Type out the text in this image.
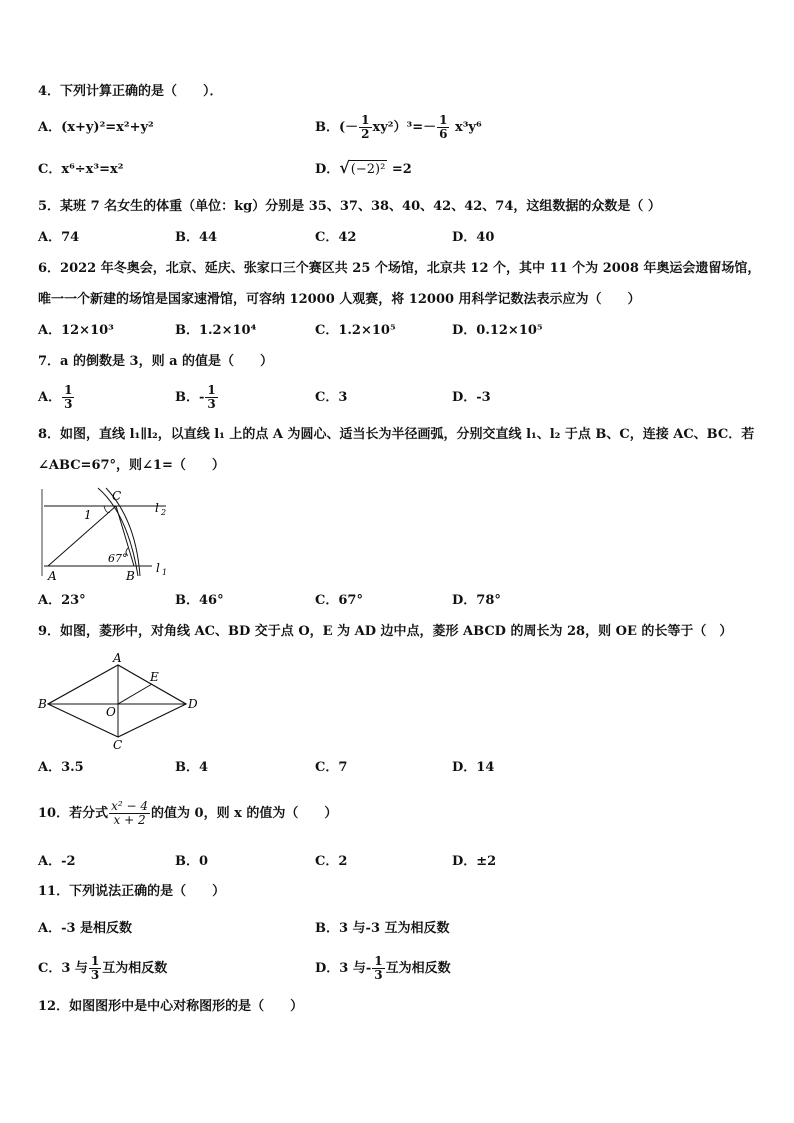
4．下列计算正确的是（　　）．
A．(x+y)²=x²+y²	B．(－ $\frac{1}{2} xy^2)^3=- \frac{1}{6} x^3y^6$
C．x⁶÷x³=x²	D．√(−2)² =2
5．某班 7 名女生的体重（单位：kg）分别是 35、37、38、40、42、42、74，这组数据的众数是（ ）
A．74	B．44	C．42	D．40
6．2022 年冬奥会，北京、延庆、张家口三个赛区共 25 个场馆，北京共 12 个，其中 11 个为 2008 年奥运会遗留场馆，
唯一一个新建的场馆是国家速滑馆，可容纳 12000 人观赛，将 12000 用科学记数法表示应为（　　）
A．12×10³	B．1.2×10⁴	C．1.2×10⁵	D．0.12×10⁵
7．a 的倒数是 3，则 a 的值是（　　）
A． $\frac{1}{3}$	B．- $\frac{1}{3}$	C．3	D．-3
8．如图，直线 l₁∥l₂，以直线 l₁ 上的点 A 为圆心、适当长为半径画弧，分别交直线 l₁、l₂ 于点 B、C，连接 AC、BC．若
∠ABC=67°，则∠1=（　　）
C
l 2
1
67°
A	B
l 1
A．23°	B．46°	C．67°	D．78°
9．如图，菱形中，对角线 AC、BD 交于点 O，E 为 AD 边中点，菱形 ABCD 的周长为 28，则 OE 的长等于（　）
A
B
C
D
E
O
A．3.5	B．4	C．7	D．14
10．若分式 $\frac{\text{x² − 4}}{x + 2}$ 的值为 0，则 x 的值为（　　）
A．-2	B．0	C．2	D．±2
11．下列说法正确的是（　　）
A．-3 是相反数	B．3 与-3 互为相反数
C．3 与 $\frac{1}{3}$ 互为相反数	D．3 与- $\frac{1}{3}$ 互为相反数
12．如图图形中是中心对称图形的是（　　）
